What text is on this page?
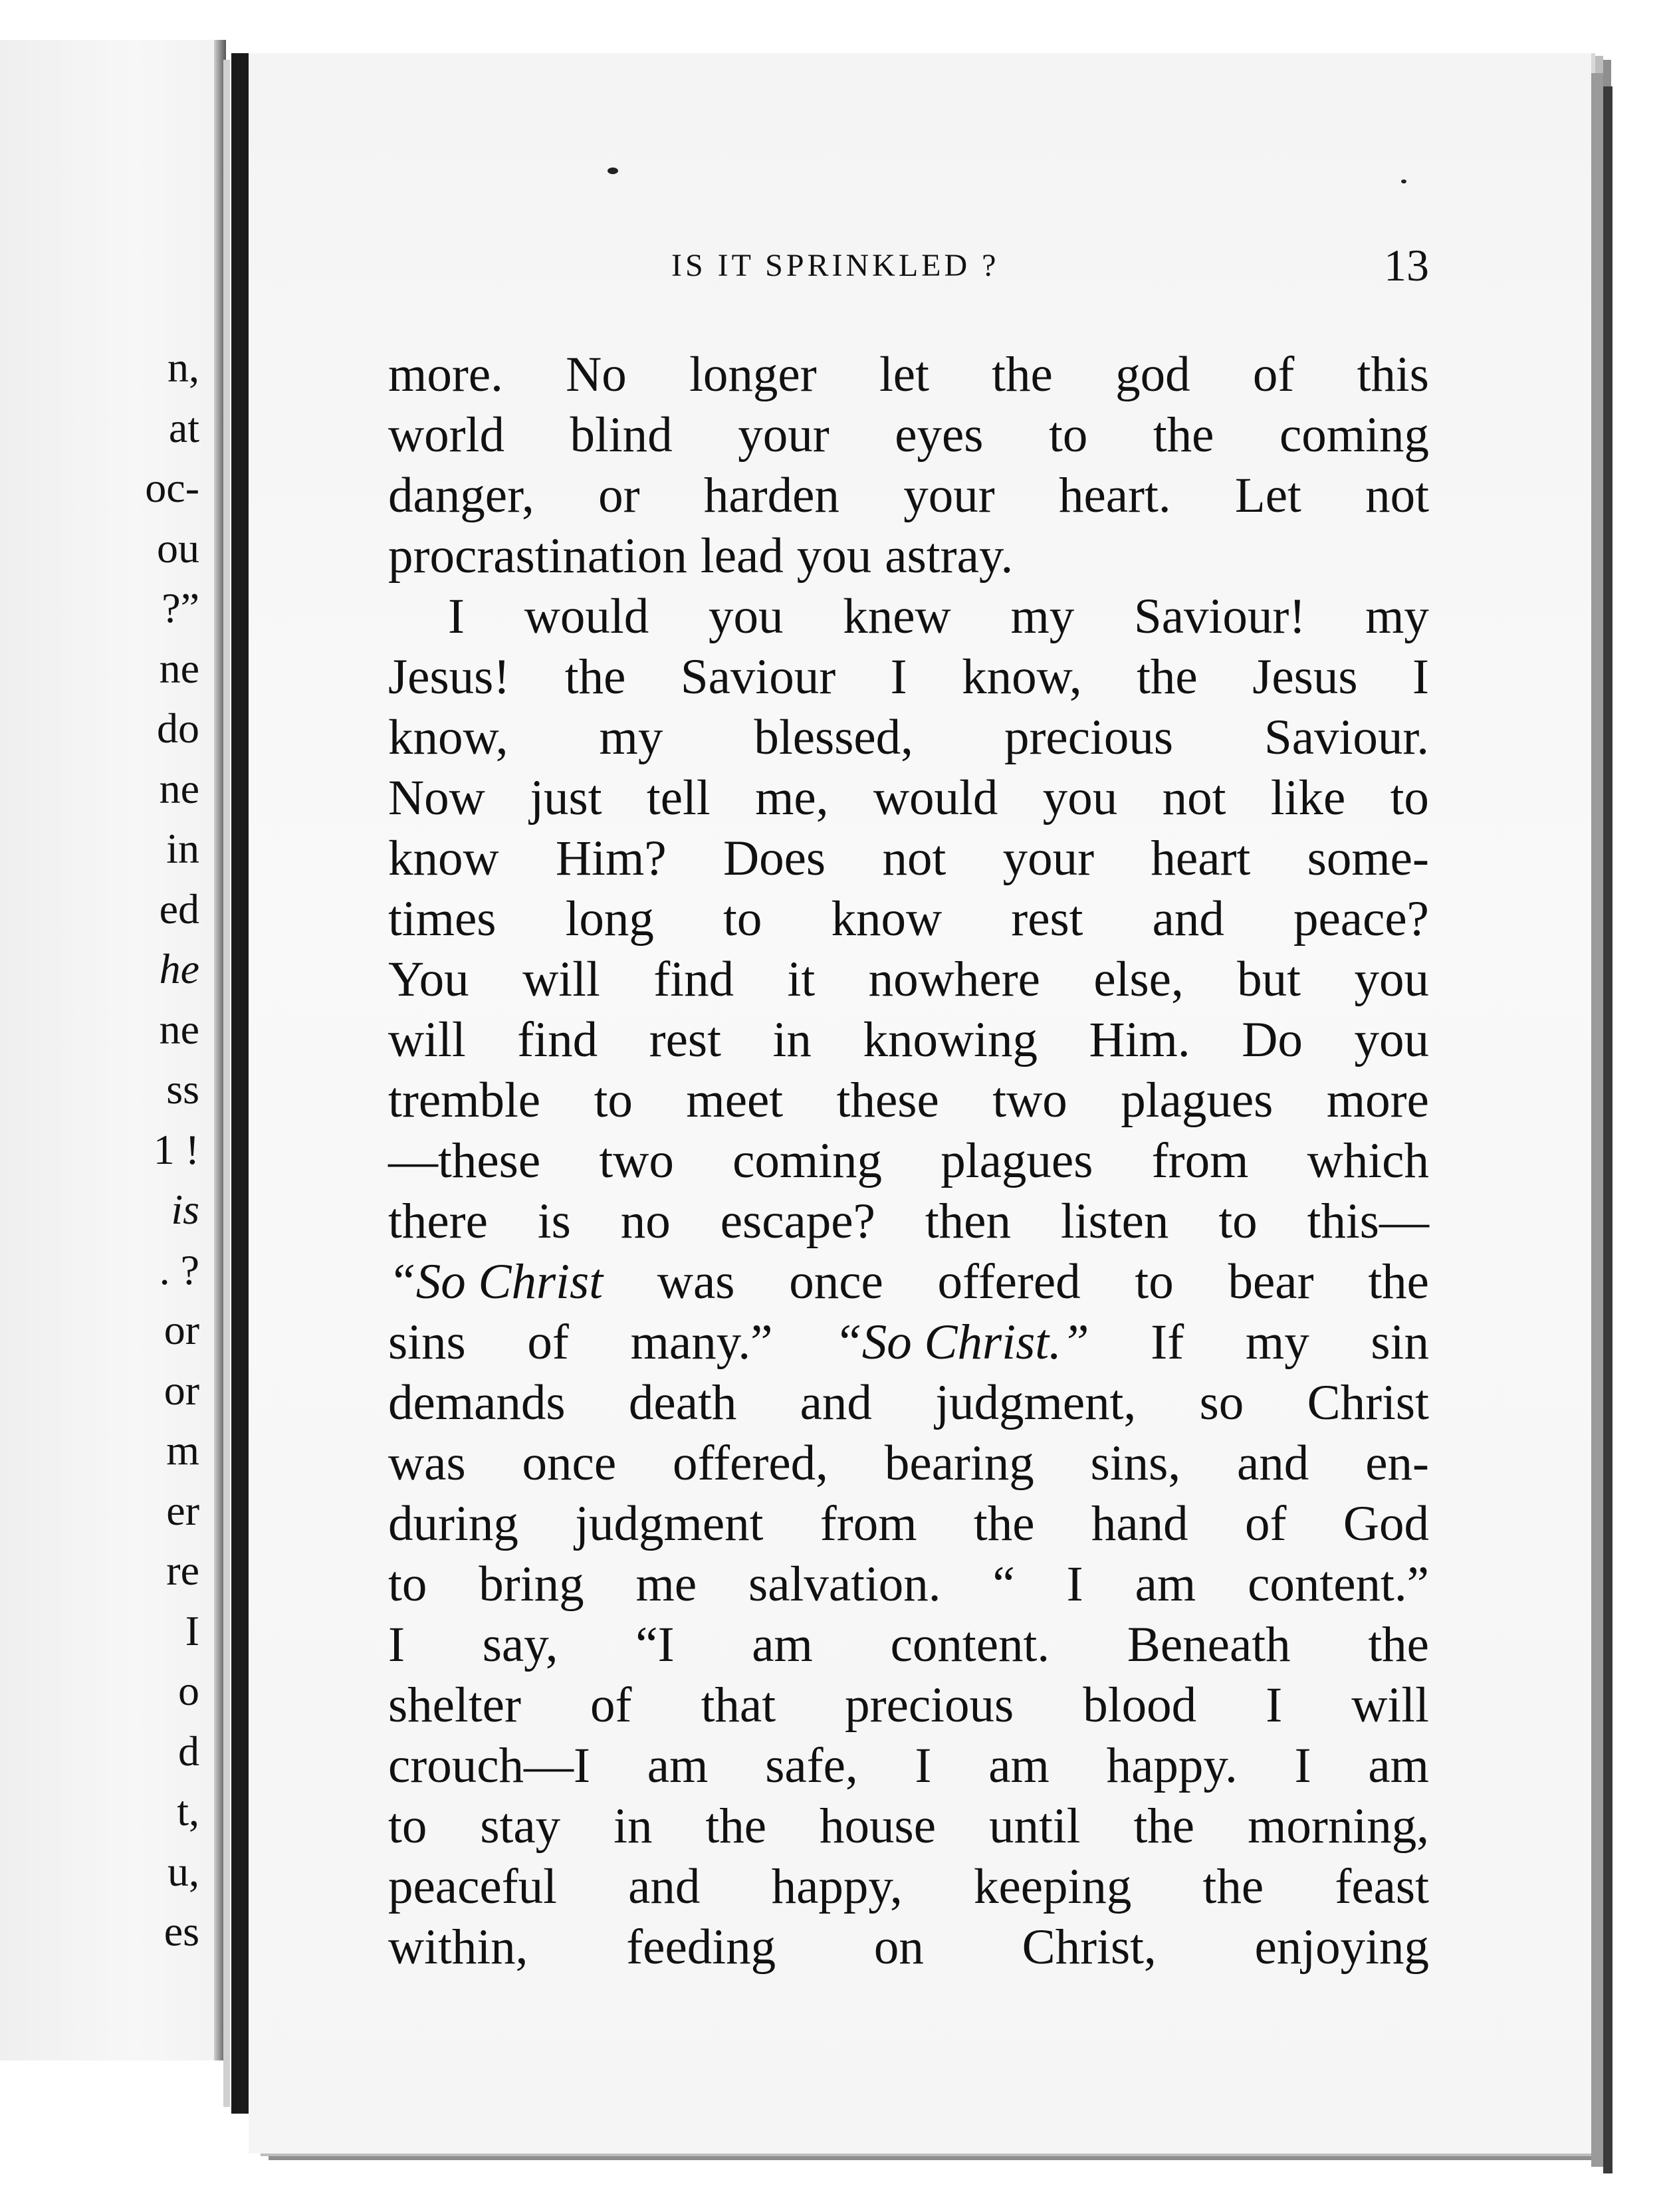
n,
at
oc-
ou
?”
ne
do
ne
in
ed
he
ne
ss
1 !
is
. ?
or
or
m
er
re
I
o
d
t,
u,
es
IS IT SPRINKLED ?	13
more. No longer let the god of this
world blind your eyes to the coming
danger, or harden your heart. Let not
procrastination lead you astray.
I would you knew my Saviour! my
Jesus! the Saviour I know, the Jesus I
know, my blessed, precious Saviour.
Now just tell me, would you not like to
know Him? Does not your heart some-
times long to know rest and peace?
You will find it nowhere else, but you
will find rest in knowing Him. Do you
tremble to meet these two plagues more
—these two coming plagues from which
there is no escape? then listen to this—
“So Christ was once offered to bear the
sins of many.” “So Christ.” If my sin
demands death and judgment, so Christ
was once offered, bearing sins, and en-
during judgment from the hand of God
to bring me salvation. “ I am content.”
I say, “I am content. Beneath the
shelter of that precious blood I will
crouch—I am safe, I am happy. I am
to stay in the house until the morning,
peaceful and happy, keeping the feast
within, feeding on Christ, enjoying
